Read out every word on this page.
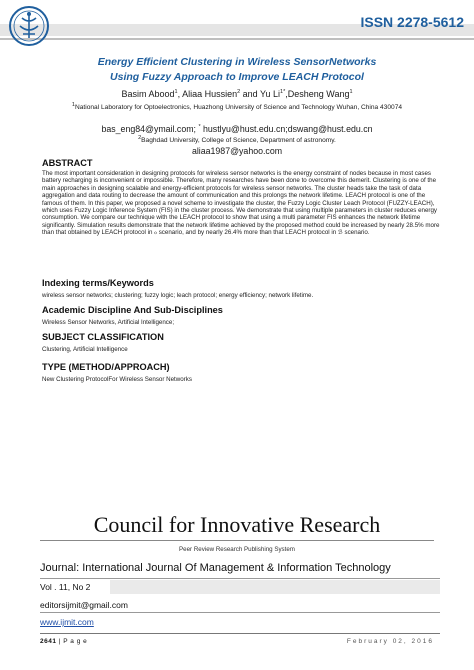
ISSN 2278-5612
Energy Efficient Clustering in Wireless SensorNetworks
Using Fuzzy Approach to Improve LEACH Protocol
Basim Abood$^1$, Aliaa Hussien$^2$ and Yu $Li^{1*},Desheng$ Wang$^1$
$^1$National Laboratory for Optoelectronics, Huazhong University of Science and Technology Wuhan, China 430074
bas_eng84@ymail.com; * hustlyu@hust.edu.cn;dswang@hust.edu.cn
$^2$Baghdad University, College of Science, Department of astronomy.
aliaa1987@yahoo.com
ABSTRACT

The most important consideration in designing protocols for wireless sensor networks is the energy constraint of nodes because in most cases battery recharging is inconvenient or impossible. Therefore, many researches have been done to overcome this demerit. Clustering is one of the main approaches in designing scalable and energy-efficient protocols for wireless sensor networks. The cluster heads take the task of data aggregation and data routing to decrease the amount of communication and this prolongs the network lifetime. LEACH protocol is one of the famous of them. In this paper, we proposed a novel scheme to investigate the cluster, the Fuzzy Logic Cluster Leach Protocol (FUZZY-LEACH), which uses Fuzzy Logic Inference System (FIS) in the cluster process. We demonstrate that using multiple parameters in cluster reduces energy consumption. We compare our technique with the LEACH protocol to show that using a multi parameter FIS enhances the network lifetime significantly. Simulation results demonstrate that the network lifetime achieved by the proposed method could be increased by nearly 28.5% more than that obtained by LEACH protocol in ℴ scenario, and by nearly 26.4% more than that LEACH protocol in ℬ scenario.

Indexing terms/Keywords
wireless sensor networks; clustering; fuzzy logic; leach protocol; energy efficiency; network lifetime.
Academic Discipline And Sub-Disciplines
Wireless Sensor Networks, Artificial Intelligence;
SUBJECT CLASSIFICATION
Clustering, Artificial Intelligence
TYPE (METHOD/APPROACH)
New Clustering ProtocolFor Wireless Sensor Networks
Council for Innovative Research
Peer Review Research Publishing System
Journal: International Journal Of Management & Information Technology
Vol . 11, No 2
editorsijmit@gmail.com
www.ijmit.com
2641 | P a g e	February 02, 2016
